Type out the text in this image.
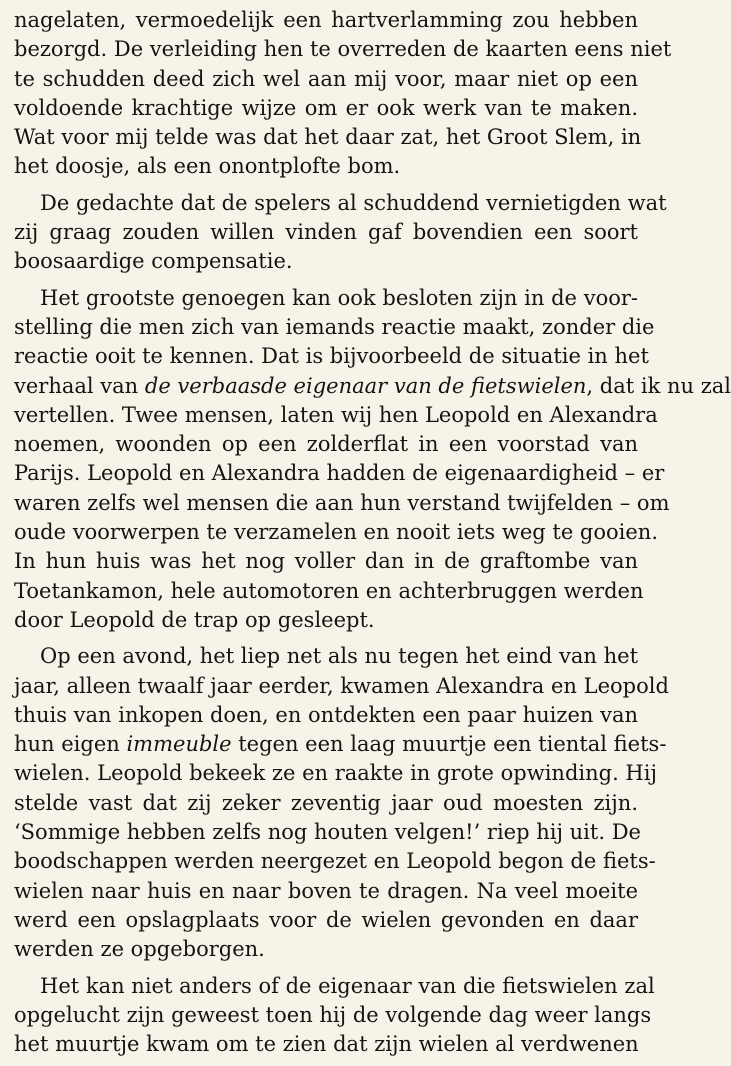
nagelaten, vermoedelijk een hartverlamming zou hebben
bezorgd. De verleiding hen te overreden de kaarten eens niet
te schudden deed zich wel aan mij voor, maar niet op een
voldoende krachtige wijze om er ook werk van te maken.
Wat voor mij telde was dat het daar zat, het Groot Slem, in
het doosje, als een onontplofte bom.
De gedachte dat de spelers al schuddend vernietigden wat
zij graag zouden willen vinden gaf bovendien een soort
boosaardige compensatie.
Het grootste genoegen kan ook besloten zijn in de voor-
stelling die men zich van iemands reactie maakt, zonder die
reactie ooit te kennen. Dat is bijvoorbeeld de situatie in het
verhaal van de verbaasde eigenaar van de fietswielen, dat ik nu zal
vertellen. Twee mensen, laten wij hen Leopold en Alexandra
noemen, woonden op een zolderflat in een voorstad van
Parijs. Leopold en Alexandra hadden de eigenaardigheid – er
waren zelfs wel mensen die aan hun verstand twijfelden – om
oude voorwerpen te verzamelen en nooit iets weg te gooien.
In hun huis was het nog voller dan in de graftombe van
Toetankamon, hele automotoren en achterbruggen werden
door Leopold de trap op gesleept.
Op een avond, het liep net als nu tegen het eind van het
jaar, alleen twaalf jaar eerder, kwamen Alexandra en Leopold
thuis van inkopen doen, en ontdekten een paar huizen van
hun eigen immeuble tegen een laag muurtje een tiental fiets-
wielen. Leopold bekeek ze en raakte in grote opwinding. Hij
stelde vast dat zij zeker zeventig jaar oud moesten zijn.
‘Sommige hebben zelfs nog houten velgen!’ riep hij uit. De
boodschappen werden neergezet en Leopold begon de fiets-
wielen naar huis en naar boven te dragen. Na veel moeite
werd een opslagplaats voor de wielen gevonden en daar
werden ze opgeborgen.
Het kan niet anders of de eigenaar van die fietswielen zal
opgelucht zijn geweest toen hij de volgende dag weer langs
het muurtje kwam om te zien dat zijn wielen al verdwenen
